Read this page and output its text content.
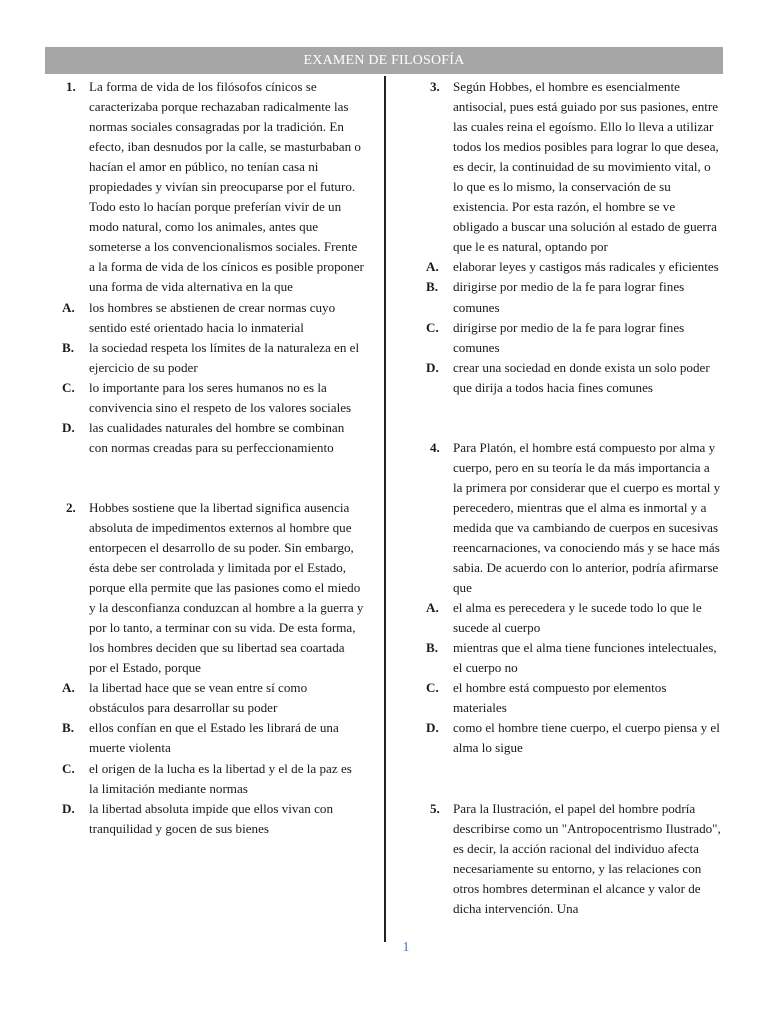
EXAMEN DE FILOSOFÍA
1. La forma de vida de los filósofos cínicos se caracterizaba porque rechazaban radicalmente las normas sociales consagradas por la tradición. En efecto, iban desnudos por la calle, se masturbaban o hacían el amor en público, no tenían casa ni propiedades y vivían sin preocuparse por el futuro. Todo esto lo hacían porque preferían vivir de un modo natural, como los animales, antes que someterse a los convencionalismos sociales. Frente a la forma de vida de los cínicos es posible proponer una forma de vida alternativa en la que
A. los hombres se abstienen de crear normas cuyo sentido esté orientado hacia lo inmaterial
B. la sociedad respeta los límites de la naturaleza en el ejercicio de su poder
C. lo importante para los seres humanos no es la convivencia sino el respeto de los valores sociales
D. las cualidades naturales del hombre se combinan con normas creadas para su perfeccionamiento
2. Hobbes sostiene que la libertad significa ausencia absoluta de impedimentos externos al hombre que entorpecen el desarrollo de su poder. Sin embargo, ésta debe ser controlada y limitada por el Estado, porque ella permite que las pasiones como el miedo y la desconfianza conduzcan al hombre a la guerra y por lo tanto, a terminar con su vida. De esta forma, los hombres deciden que su libertad sea coartada por el Estado, porque
A. la libertad hace que se vean entre sí como obstáculos para desarrollar su poder
B. ellos confían en que el Estado les librará de una muerte violenta
C. el origen de la lucha es la libertad y el de la paz es la limitación mediante normas
D. la libertad absoluta impide que ellos vivan con tranquilidad y gocen de sus bienes
3. Según Hobbes, el hombre es esencialmente antisocial, pues está guiado por sus pasiones, entre las cuales reina el egoísmo. Ello lo lleva a utilizar todos los medios posibles para lograr lo que desea, es decir, la continuidad de su movimiento vital, o lo que es lo mismo, la conservación de su existencia. Por esta razón, el hombre se ve obligado a buscar una solución al estado de guerra que le es natural, optando por
A. elaborar leyes y castigos más radicales y eficientes
B. dirigirse por medio de la fe para lograr fines comunes
C. dirigirse por medio de la fe para lograr fines comunes
D. crear una sociedad en donde exista un solo poder que dirija a todos hacia fines comunes
4. Para Platón, el hombre está compuesto por alma y cuerpo, pero en su teoría le da más importancia a la primera por considerar que el cuerpo es mortal y perecedero, mientras que el alma es inmortal y a medida que va cambiando de cuerpos en sucesivas reencarnaciones, va conociendo más y se hace más sabia. De acuerdo con lo anterior, podría afirmarse que
A. el alma es perecedera y le sucede todo lo que le sucede al cuerpo
B. mientras que el alma tiene funciones intelectuales, el cuerpo no
C. el hombre está compuesto por elementos materiales
D. como el hombre tiene cuerpo, el cuerpo piensa y el alma lo sigue
5. Para la Ilustración, el papel del hombre podría describirse como un "Antropocentrismo Ilustrado", es decir, la acción racional del individuo afecta necesariamente su entorno, y las relaciones con otros hombres determinan el alcance y valor de dicha intervención. Una
1
